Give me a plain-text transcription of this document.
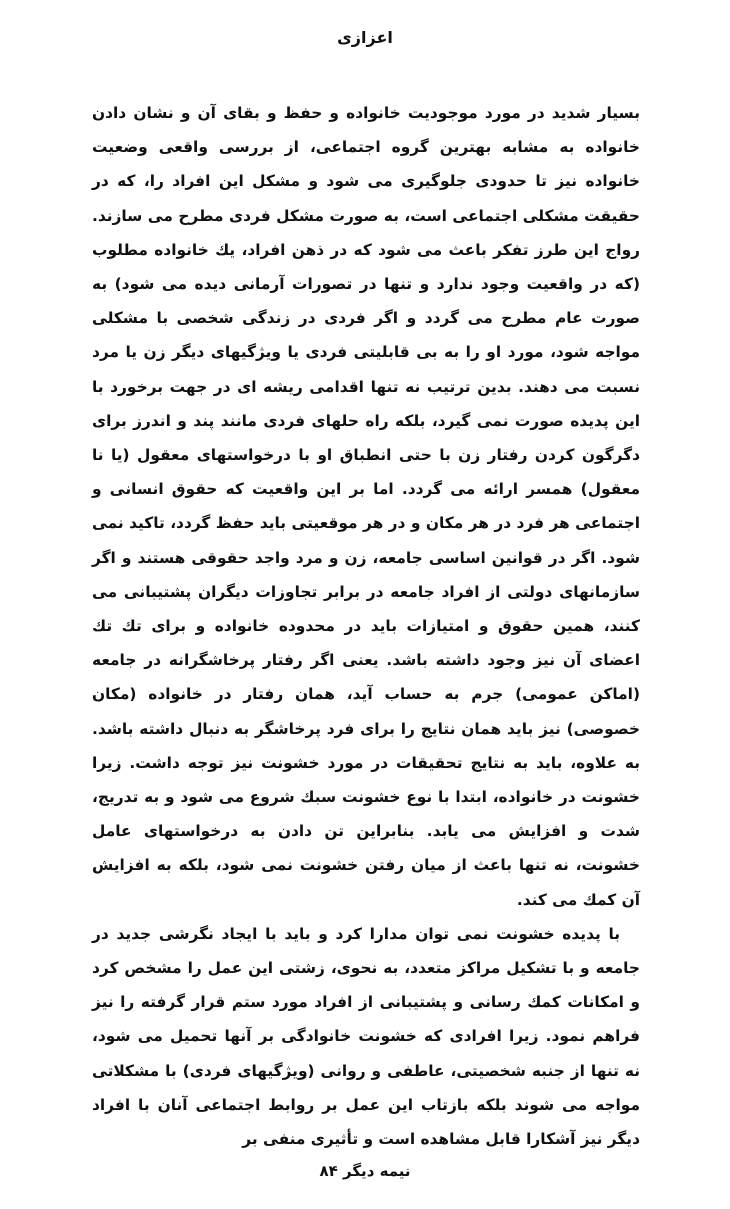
اعزازی

بسیار شدید در مورد موجودیت خانواده و حفظ و بقای آن و نشان دادن خانواده به مشابه بهترین گروه اجتماعی، از بررسی واقعی وضعیت خانواده نیز تا حدودی جلوگیری می شود و مشکل این افراد را، که در حقیقت مشکلی اجتماعی است، به صورت مشکل فردی مطرح می سازند. رواج این طرز تفکر باعث می شود که در ذهن افراد، یك خانواده مطلوب (که در واقعیت وجود ندارد و تنها در تصورات آرمانی دیده می شود) به صورت عام مطرح می گردد و اگر فردی در زندگی شخصی با مشکلی مواجه شود، مورد او را به بی قابلیتی فردی یا ویژگیهای دیگر زن یا مرد نسبت می دهند. بدین ترتیب نه تنها اقدامی ریشه ای در جهت برخورد با این پدیده صورت نمی گیرد، بلکه راه حلهای فردی مانند پند و اندرز برای دگرگون کردن رفتار زن با حتی انطباق او با درخواستهای معقول (یا نا معقول) همسر ارائه می گردد. اما بر این واقعیت که حقوق انسانی و اجتماعی هر فرد در هر مکان و در هر موقعیتی باید حفظ گردد، تاکید نمی شود. اگر در قوانین اساسی جامعه، زن و مرد واجد حقوقی هستند و اگر سازمانهای دولتی از افراد جامعه در برابر تجاوزات دیگران پشتیبانی می کنند، همین حقوق و امتیازات باید در محدوده خانواده و برای تك تك اعضای آن نیز وجود داشته باشد. یعنی اگر رفتار پرخاشگرانه در جامعه (اماکن عمومی) جرم به حساب آید، همان رفتار در خانواده (مکان خصوصی) نیز باید همان نتایج را برای فرد پرخاشگر به دنبال داشته باشد. به علاوه، باید به نتایج تحقیقات در مورد خشونت نیز توجه داشت. زیرا خشونت در خانواده، ابتدا با نوع خشونت سبك شروع می شود و به تدریج، شدت و افزایش می یابد. بنابراین تن دادن به درخواستهای عامل خشونت، نه تنها باعث از میان رفتن خشونت نمی شود، بلکه به افزایش آن کمك می کند.

با پدیده خشونت نمی توان مدارا کرد و باید با ایجاد نگرشی جدید در جامعه و با تشکیل مراکز متعدد، به نحوی، زشتی این عمل را مشخص کرد و امکانات کمك رسانی و پشتیبانی از افراد مورد ستم قرار گرفته را نیز فراهم نمود. زیرا افرادی که خشونت خانوادگی بر آنها تحمیل می شود، نه تنها از جنبه شخصیتی، عاطفی و روانی (ویژگیهای فردی) با مشکلاتی مواجه می شوند بلکه بازتاب این عمل بر روابط اجتماعی آنان با افراد دیگر نیز آشکارا قابل مشاهده است و تأثیری منفی بر

نیمه دیگر ۸۴
